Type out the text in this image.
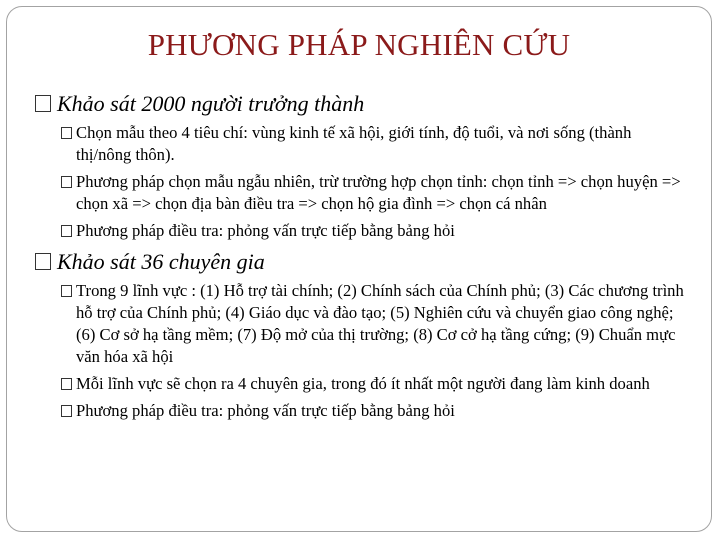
PHƯƠNG PHÁP NGHIÊN CỨU
Khảo sát 2000 người trưởng thành
Chọn mẫu theo 4 tiêu chí: vùng kinh tế xã hội, giới tính, độ tuổi, và nơi sống (thành thị/nông thôn).
Phương pháp chọn mẫu ngẫu nhiên, trừ trường hợp chọn tỉnh: chọn tỉnh => chọn huyện => chọn xã => chọn địa bàn điều tra => chọn hộ gia đình => chọn cá nhân
Phương pháp điều tra: phỏng vấn trực tiếp bằng bảng hỏi
Khảo sát 36 chuyên gia
Trong 9 lĩnh vực : (1) Hỗ trợ tài chính; (2) Chính sách của Chính phủ; (3) Các chương trình hỗ trợ của Chính phủ; (4) Giáo dục và đào tạo; (5) Nghiên cứu và chuyển giao công nghệ; (6) Cơ sở hạ tầng mềm; (7) Độ mở của thị trường; (8) Cơ cở hạ tầng cứng; (9) Chuẩn mực văn hóa xã hội
Mỗi lĩnh vực sẽ chọn ra 4 chuyên gia, trong đó ít nhất một người đang làm kinh doanh
Phương pháp điều tra: phỏng vấn trực tiếp bằng bảng hỏi
